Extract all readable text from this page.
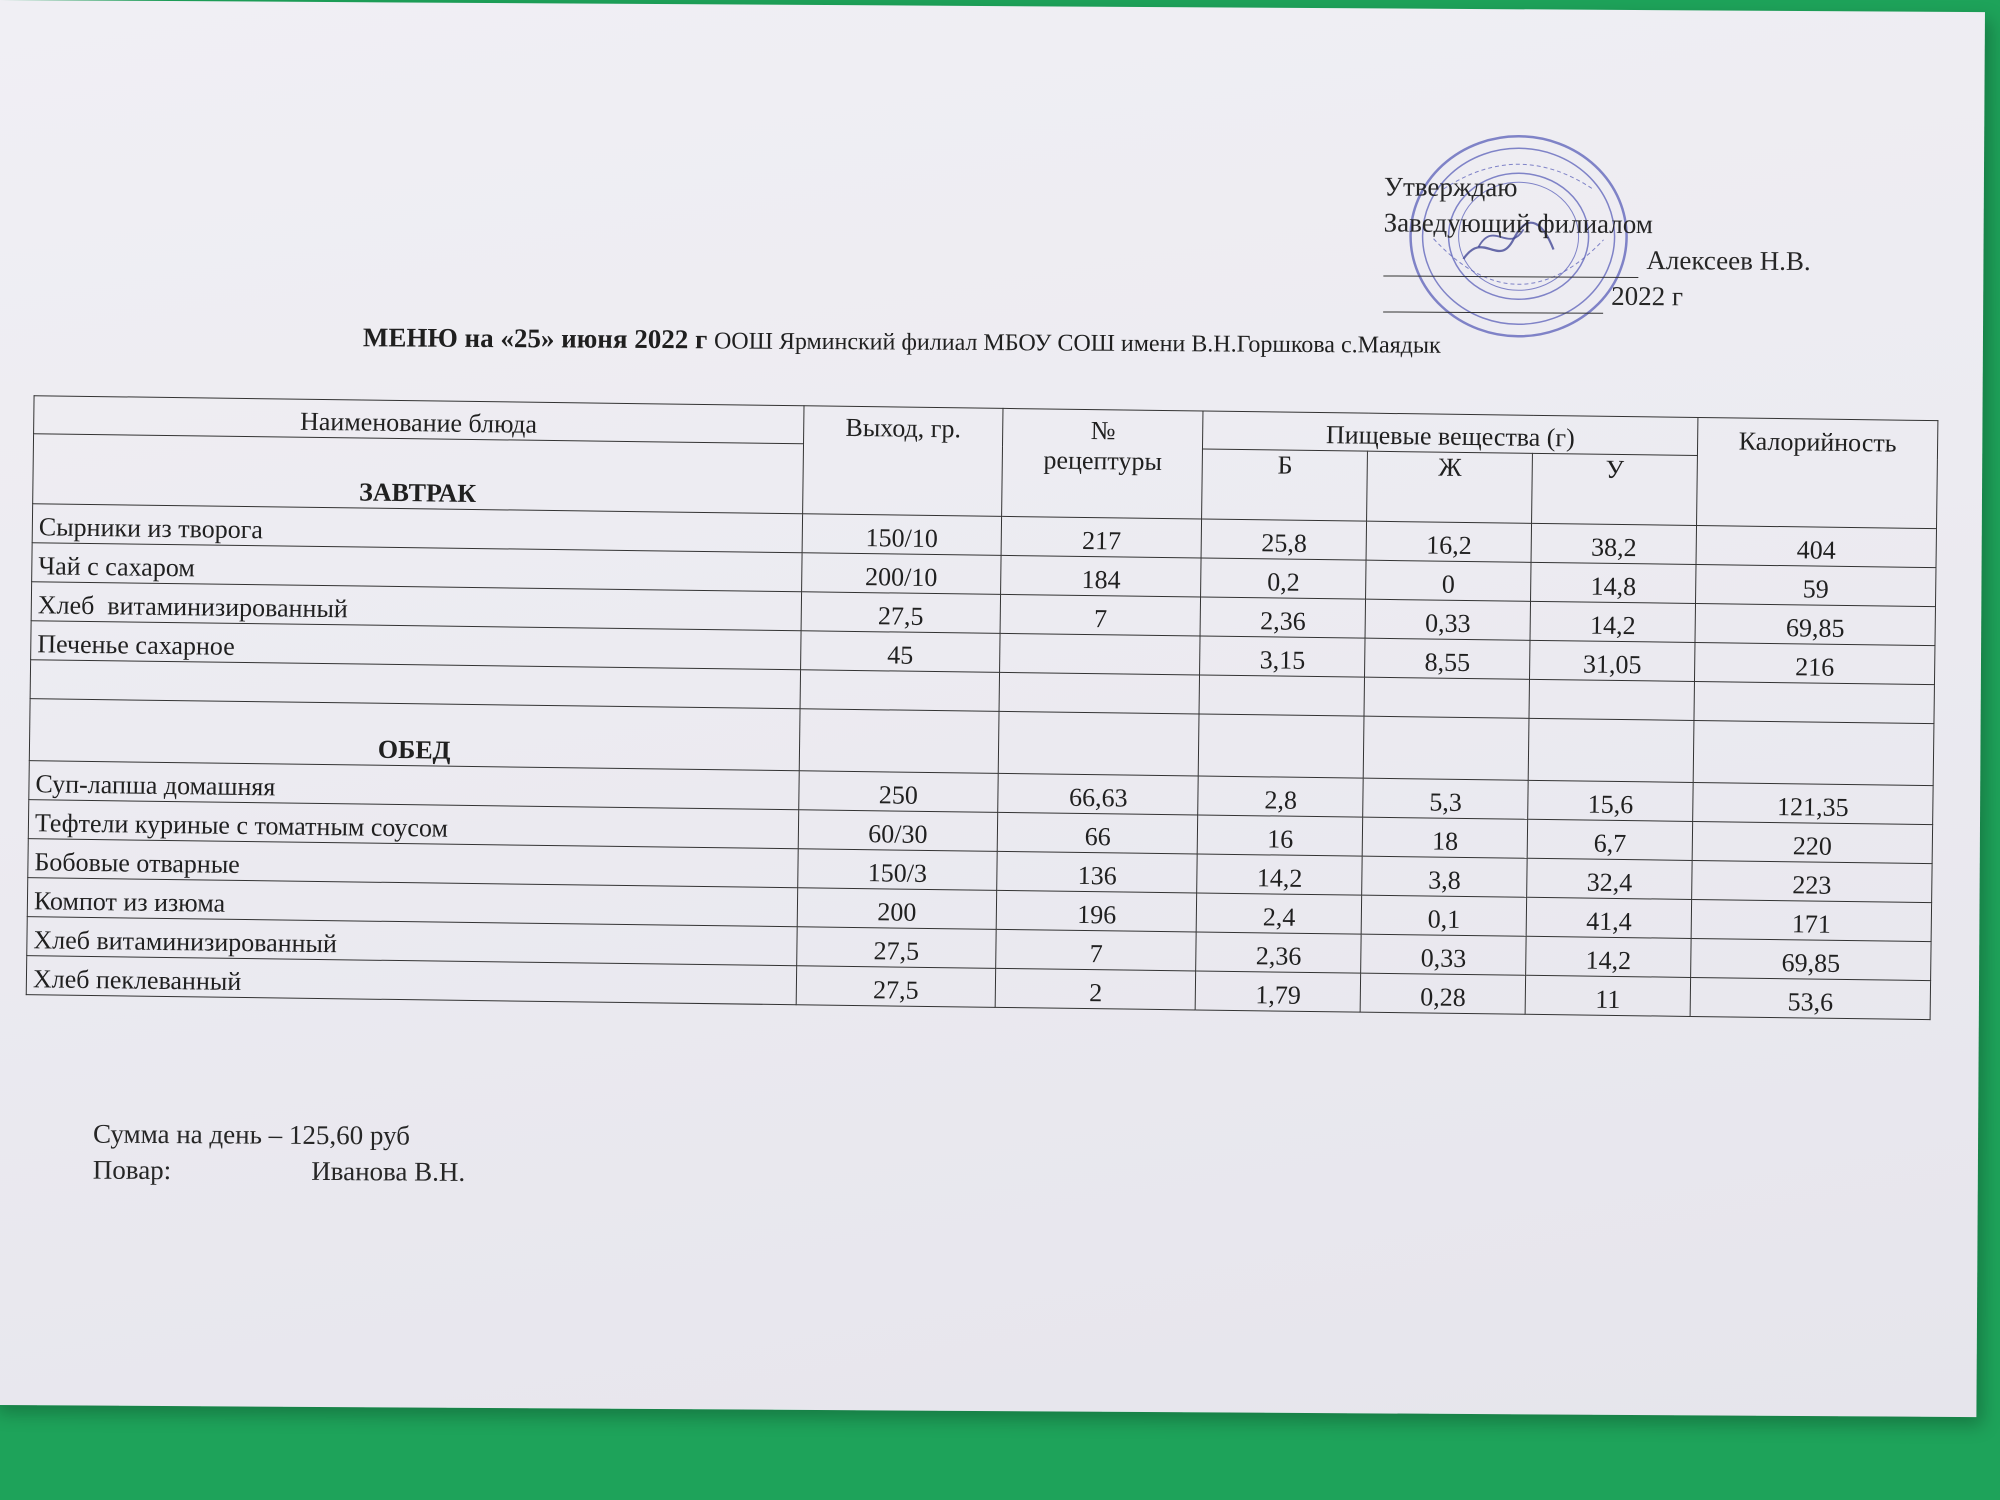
Утверждаю
Заведующий филиалом
Алексеев Н.В.
2022 г
МЕНЮ на «25» июня 2022 г ООШ Ярминский филиал МБОУ СОШ имени В.Н.Горшкова с.Маядык
Наименование блюда	Выход, гр.	№
рецептуры	Пищевые вещества (г)			Калорийность
ЗАВТРАК			Б	Ж	У	
Сырники из творога	150/10	217	25,8	16,2	38,2	404
Чай с сахаром	200/10	184	0,2	0	14,8	59
Хлеб  витаминизированный	27,5	7	2,36	0,33	14,2	69,85
Печенье сахарное	45		3,15	8,55	31,05	216

ОБЕД						
Суп-лапша домашняя	250	66,63	2,8	5,3	15,6	121,35
Тефтели куриные с томатным соусом	60/30	66	16	18	6,7	220
Бобовые отварные	150/3	136	14,2	3,8	32,4	223
Компот из изюма	200	196	2,4	0,1	41,4	171
Хлеб витаминизированный	27,5	7	2,36	0,33	14,2	69,85
Хлеб пеклеванный	27,5	2	1,79	0,28	11	53,6
Сумма на день – 125,60 руб
Повар:	Иванова В.Н.
